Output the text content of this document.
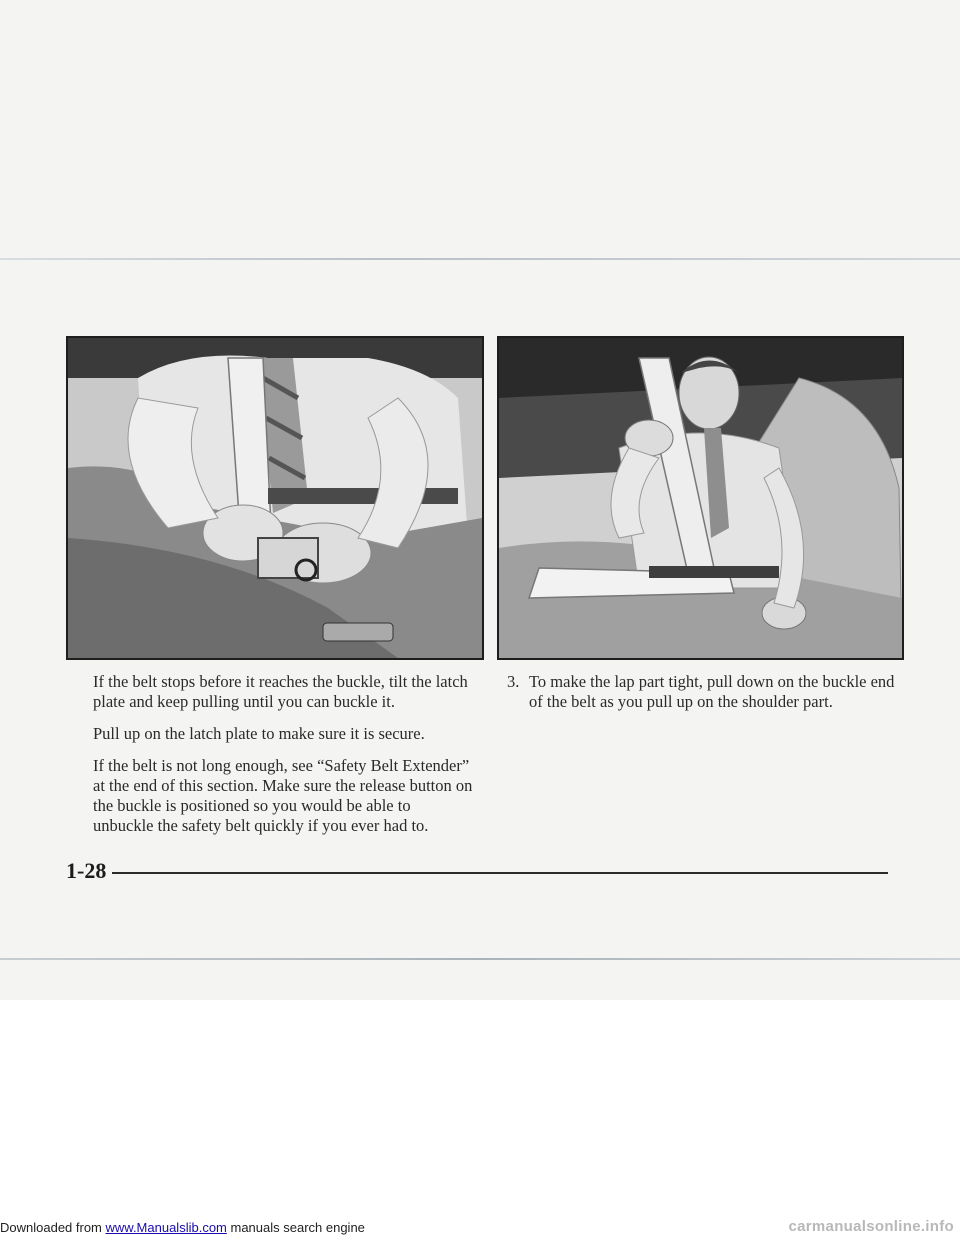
If the belt stops before it reaches the buckle, tilt the latch plate and keep pulling until you can buckle it.

Pull up on the latch plate to make sure it is secure.

If the belt is not long enough, see “Safety Belt Extender” at the end of this section. Make sure the release button on the buckle is positioned so you would be able to unbuckle the safety belt quickly if you ever had to.

3. To make the lap part tight, pull down on the buckle end of the belt as you pull up on the shoulder part.
1-28
Downloaded from www.Manualslib.com manuals search engine	carmanualsonline.info
